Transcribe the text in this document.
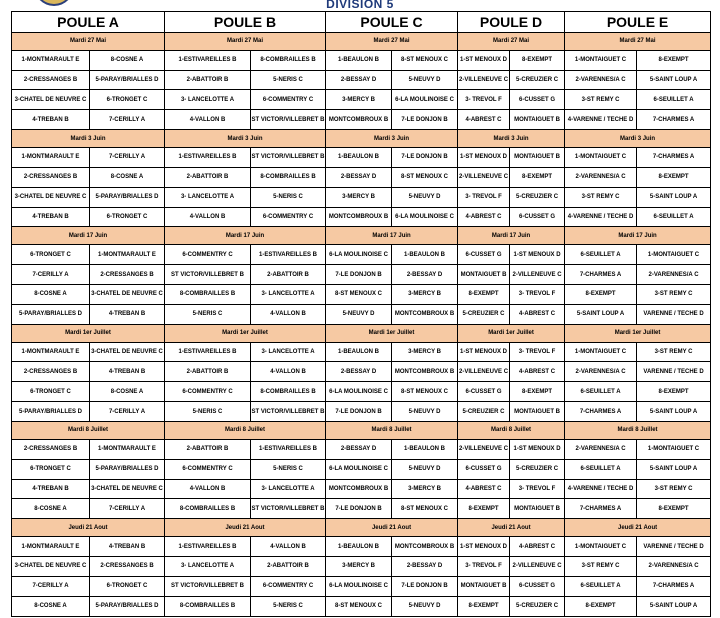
DIVISION 5
POULE A		POULE B		POULE C		POULE D		POULE E	
Mardi 27 Mai		Mardi 27 Mai		Mardi 27 Mai		Mardi 27 Mai		Mardi 27 Mai	
1-MONTMARAULT E	8-COSNE A	1-ESTIVAREILLES B	8-COMBRAILLES B	1-BEAULON B	8-ST MENOUX C	1-ST MENOUX D	8-EXEMPT	1-MONTAIGUET C	8-EXEMPT
2-CRESSANGES B	5-PARAY/BRIALLES D	2-ABATTOIR B	5-NERIS C	2-BESSAY D	5-NEUVY D	2-VILLENEUVE C	5-CREUZIER C	2-VARENNES/A C	5-SAINT LOUP A
3-CHATEL DE NEUVRE C	6-TRONGET C	3- LANCELOTTE A	6-COMMENTRY C	3-MERCY B	6-LA MOULINOISE C	3- TREVOL F	6-CUSSET G	3-ST REMY C	6-SEUILLET A
4-TREBAN B	7-CERILLY A	4-VALLON B	ST VICTOR/VILLEBRET B	MONTCOMBROUX B	7-LE DONJON B	4-ABREST C	MONTAIGUET B	4-VARENNE / TECHE D	7-CHARMES A
Mardi 3 Juin		Mardi 3 Juin		Mardi 3 Juin		Mardi 3 Juin		Mardi 3 Juin	
1-MONTMARAULT E	7-CERILLY A	1-ESTIVAREILLES B	ST VICTOR/VILLEBRET B	1-BEAULON B	7-LE DONJON B	1-ST MENOUX D	MONTAIGUET B	1-MONTAIGUET C	7-CHARMES A
2-CRESSANGES B	8-COSNE A	2-ABATTOIR B	8-COMBRAILLES B	2-BESSAY D	8-ST MENOUX C	2-VILLENEUVE C	8-EXEMPT	2-VARENNES/A C	8-EXEMPT
3-CHATEL DE NEUVRE C	5-PARAY/BRIALLES D	3- LANCELOTTE A	5-NERIS C	3-MERCY B	5-NEUVY D	3- TREVOL F	5-CREUZIER C	3-ST REMY C	5-SAINT LOUP A
4-TREBAN B	6-TRONGET C	4-VALLON B	6-COMMENTRY C	MONTCOMBROUX B	6-LA MOULINOISE C	4-ABREST C	6-CUSSET G	4-VARENNE / TECHE D	6-SEUILLET A
Mardi 17 Juin		Mardi 17 Juin		Mardi 17 Juin		Mardi 17 Juin		Mardi 17 Juin	
6-TRONGET C	1-MONTMARAULT E	6-COMMENTRY C	1-ESTIVAREILLES B	6-LA MOULINOISE C	1-BEAULON B	6-CUSSET G	1-ST MENOUX D	6-SEUILLET A	1-MONTAIGUET C
7-CERILLY A	2-CRESSANGES B	ST VICTOR/VILLEBRET B	2-ABATTOIR B	7-LE DONJON B	2-BESSAY D	MONTAIGUET B	2-VILLENEUVE C	7-CHARMES A	2-VARENNES/A C
8-COSNE A	3-CHATEL DE NEUVRE C	8-COMBRAILLES B	3- LANCELOTTE A	8-ST MENOUX C	3-MERCY B	8-EXEMPT	3- TREVOL F	8-EXEMPT	3-ST REMY C
5-PARAY/BRIALLES D	4-TREBAN B	5-NERIS C	4-VALLON B	5-NEUVY D	MONTCOMBROUX B	5-CREUZIER C	4-ABREST C	5-SAINT LOUP A	VARENNE / TECHE D
Mardi 1er Juillet		Mardi 1er Juillet		Mardi 1er Juillet		Mardi 1er Juillet		Mardi 1er Juillet	
1-MONTMARAULT E	3-CHATEL DE NEUVRE C	1-ESTIVAREILLES B	3- LANCELOTTE A	1-BEAULON B	3-MERCY B	1-ST MENOUX D	3- TREVOL F	1-MONTAIGUET C	3-ST REMY C
2-CRESSANGES B	4-TREBAN B	2-ABATTOIR B	4-VALLON B	2-BESSAY D	MONTCOMBROUX B	2-VILLENEUVE C	4-ABREST C	2-VARENNES/A C	VARENNE / TECHE D
6-TRONGET C	8-COSNE A	6-COMMENTRY C	8-COMBRAILLES B	6-LA MOULINOISE C	8-ST MENOUX C	6-CUSSET G	8-EXEMPT	6-SEUILLET A	8-EXEMPT
5-PARAY/BRIALLES D	7-CERILLY A	5-NERIS C	ST VICTOR/VILLEBRET B	7-LE DONJON B	5-NEUVY D	5-CREUZIER C	MONTAIGUET B	7-CHARMES A	5-SAINT LOUP A
Mardi 8 Juillet		Mardi 8 Juillet		Mardi 8 Juillet		Mardi 8 Juillet		Mardi 8 Juillet	
2-CRESSANGES B	1-MONTMARAULT E	2-ABATTOIR B	1-ESTIVAREILLES B	2-BESSAY D	1-BEAULON B	2-VILLENEUVE C	1-ST MENOUX D	2-VARENNES/A C	1-MONTAIGUET C
6-TRONGET C	5-PARAY/BRIALLES D	6-COMMENTRY C	5-NERIS C	6-LA MOULINOISE C	5-NEUVY D	6-CUSSET G	5-CREUZIER C	6-SEUILLET A	5-SAINT LOUP A
4-TREBAN B	3-CHATEL DE NEUVRE C	4-VALLON B	3- LANCELOTTE A	MONTCOMBROUX B	3-MERCY B	4-ABREST C	3- TREVOL F	4-VARENNE / TECHE D	3-ST REMY C
8-COSNE A	7-CERILLY A	8-COMBRAILLES B	ST VICTOR/VILLEBRET B	7-LE DONJON B	8-ST MENOUX C	8-EXEMPT	MONTAIGUET B	7-CHARMES A	8-EXEMPT
Jeudi 21 Aout		Jeudi 21 Aout		Jeudi 21 Aout		Jeudi 21 Aout		Jeudi 21 Aout	
1-MONTMARAULT E	4-TREBAN B	1-ESTIVAREILLES B	4-VALLON B	1-BEAULON B	MONTCOMBROUX B	1-ST MENOUX D	4-ABREST C	1-MONTAIGUET C	VARENNE / TECHE D
3-CHATEL DE NEUVRE C	2-CRESSANGES B	3- LANCELOTTE A	2-ABATTOIR B	3-MERCY B	2-BESSAY D	3- TREVOL F	2-VILLENEUVE C	3-ST REMY C	2-VARENNES/A C
7-CERILLY A	6-TRONGET C	ST VICTOR/VILLEBRET B	6-COMMENTRY C	6-LA MOULINOISE C	7-LE DONJON B	MONTAIGUET B	6-CUSSET G	6-SEUILLET A	7-CHARMES A
8-COSNE A	5-PARAY/BRIALLES D	8-COMBRAILLES B	5-NERIS C	8-ST MENOUX C	5-NEUVY D	8-EXEMPT	5-CREUZIER C	8-EXEMPT	5-SAINT LOUP A
